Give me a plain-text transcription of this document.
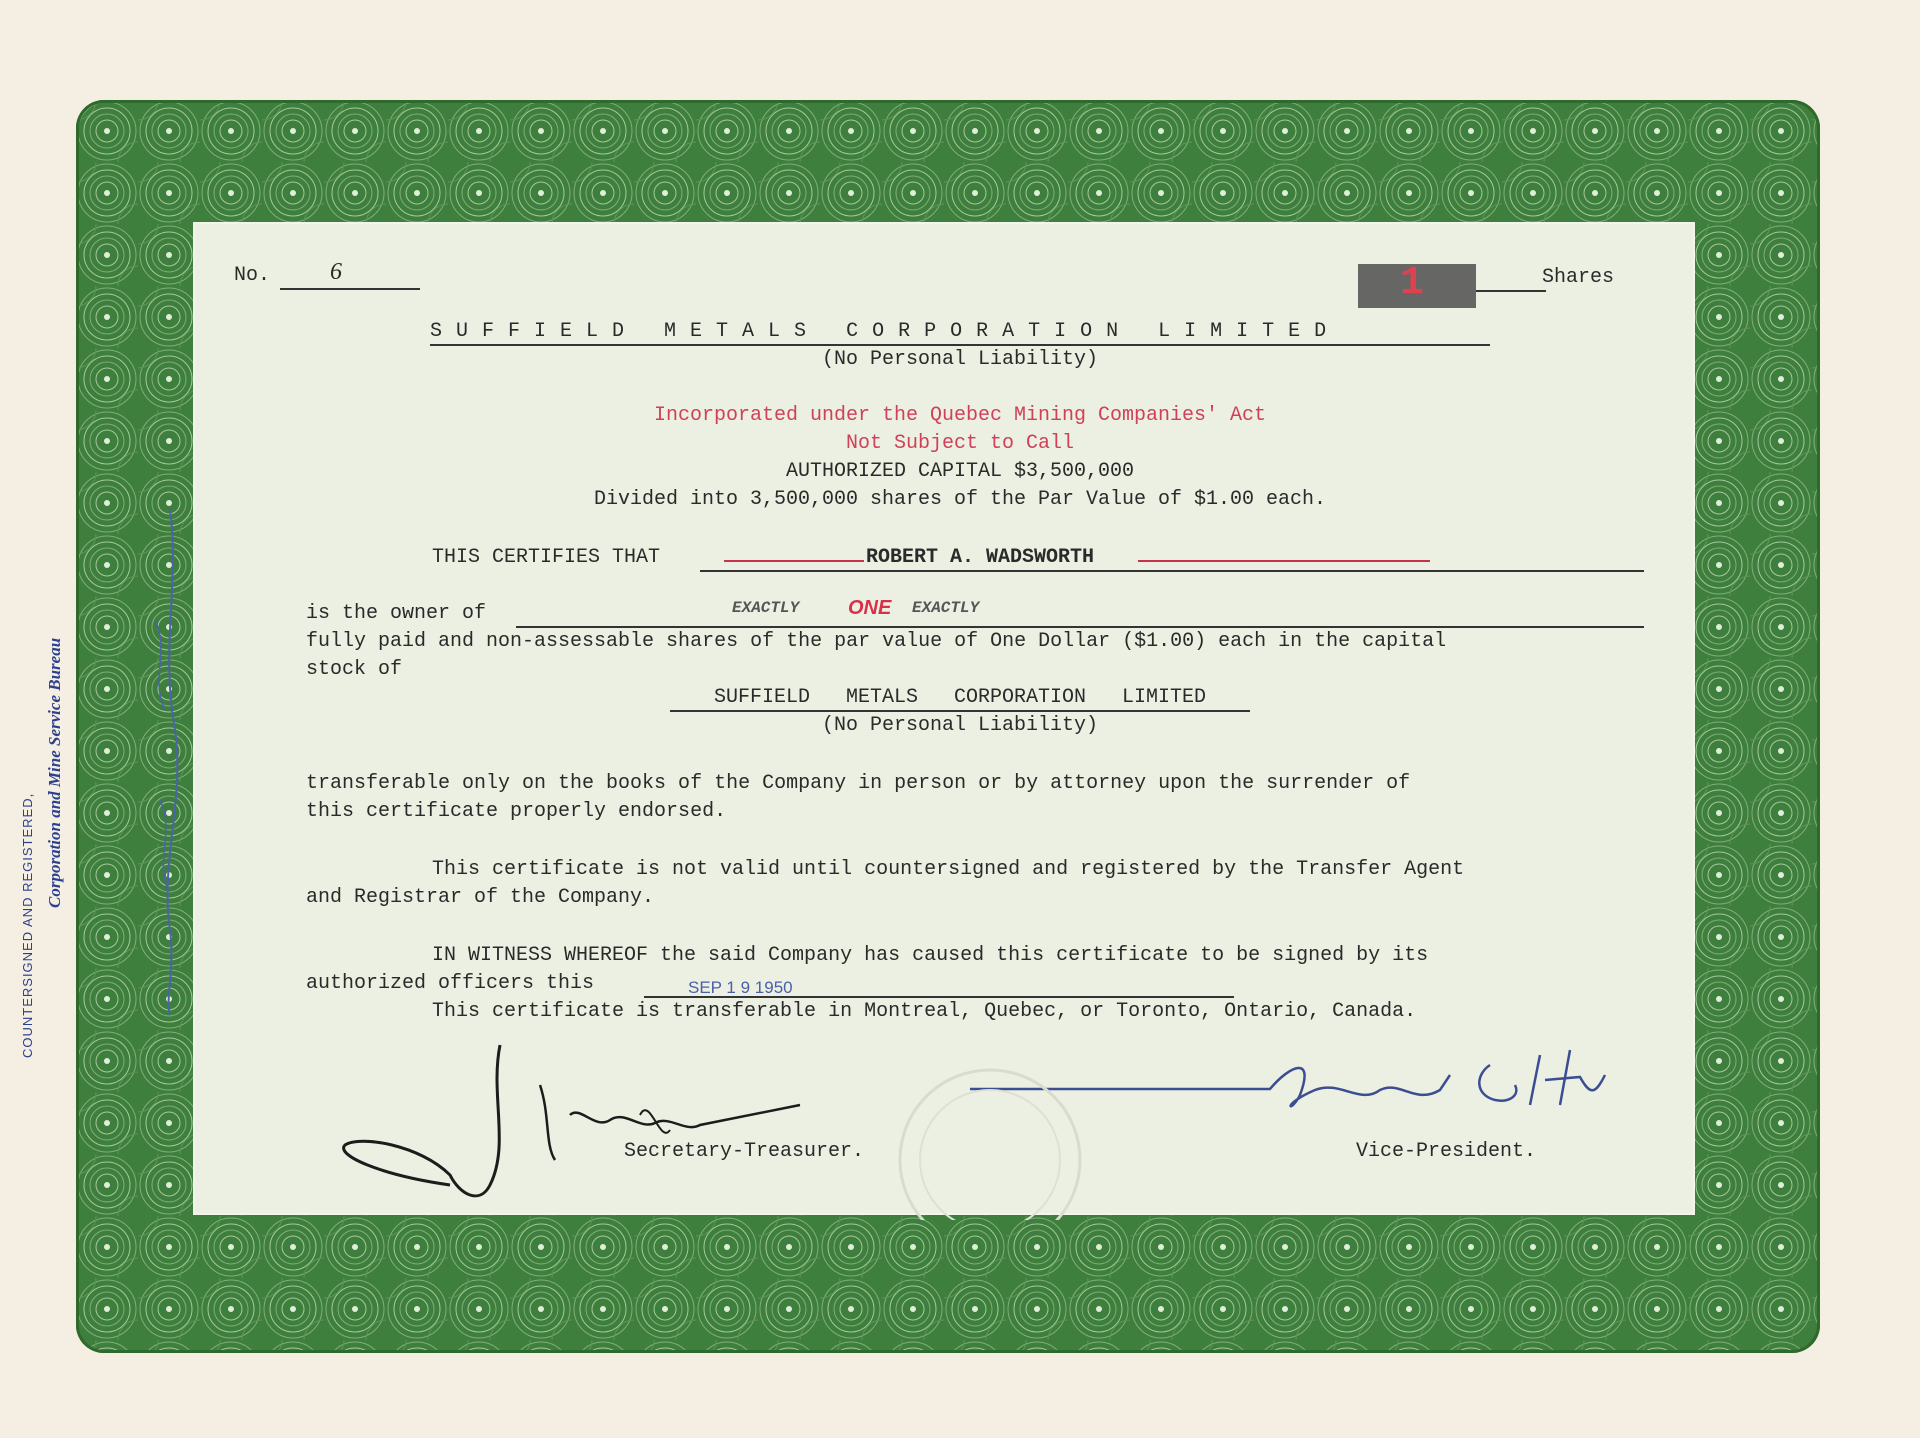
COUNTERSIGNED AND REGISTERED,
Corporation and Mine Service Bureau
No. 6	1	Shares
S U F F I E L D   M E T A L S   C O R P O R A T I O N   L I M I T E D
(No Personal Liability)
Incorporated under the Quebec Mining Companies' Act
Not Subject to Call
AUTHORIZED CAPITAL $3,500,000
Divided into 3,500,000 shares of the Par Value of $1.00 each.
THIS CERTIFIES THAT	ROBERT A. WADSWORTH
is the owner of	EXACTLY ONE EXACTLY
fully paid and non-assessable shares of the par value of One Dollar ($1.00) each in the capital
stock of
SUFFIELD   METALS   CORPORATION   LIMITED
(No Personal Liability)
transferable only on the books of the Company in person or by attorney upon the surrender of
this certificate properly endorsed.
This certificate is not valid until countersigned and registered by the Transfer Agent
and Registrar of the Company.
IN WITNESS WHEREOF the said Company has caused this certificate to be signed by its
authorized officers this	SEP 1 9 1950
This certificate is transferable in Montreal, Quebec, or Toronto, Ontario, Canada.
Secretary-Treasurer.	Vice-President.
